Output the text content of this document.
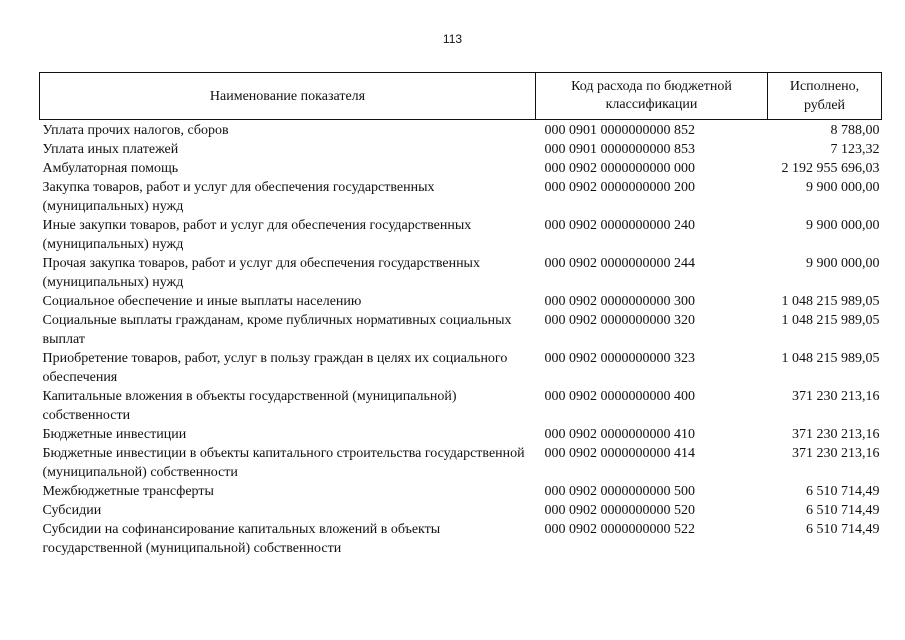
113
Наименование показателя	Код расхода по бюджетной классификации	Исполнено, рублей
Уплата прочих налогов, сборов	000 0901 0000000000 852	8 788,00
Уплата иных платежей	000 0901 0000000000 853	7 123,32
Амбулаторная помощь	000 0902 0000000000 000	2 192 955 696,03
Закупка товаров, работ и услуг для обеспечения государственных (муниципальных) нужд	000 0902 0000000000 200	9 900 000,00
Иные закупки товаров, работ и услуг для обеспечения государственных (муниципальных) нужд	000 0902 0000000000 240	9 900 000,00
Прочая закупка товаров, работ и услуг для обеспечения государственных (муниципальных) нужд	000 0902 0000000000 244	9 900 000,00
Социальное обеспечение и иные выплаты населению	000 0902 0000000000 300	1 048 215 989,05
Социальные выплаты гражданам, кроме публичных нормативных социальных выплат	000 0902 0000000000 320	1 048 215 989,05
Приобретение товаров, работ, услуг в пользу граждан в целях их социального обеспечения	000 0902 0000000000 323	1 048 215 989,05
Капитальные вложения в объекты государственной (муниципальной) собственности	000 0902 0000000000 400	371 230 213,16
Бюджетные инвестиции	000 0902 0000000000 410	371 230 213,16
Бюджетные инвестиции в объекты капитального строительства государственной (муниципальной) собственности	000 0902 0000000000 414	371 230 213,16
Межбюджетные трансферты	000 0902 0000000000 500	6 510 714,49
Субсидии	000 0902 0000000000 520	6 510 714,49
Субсидии на софинансирование капитальных вложений в объекты государственной (муниципальной) собственности	000 0902 0000000000 522	6 510 714,49
